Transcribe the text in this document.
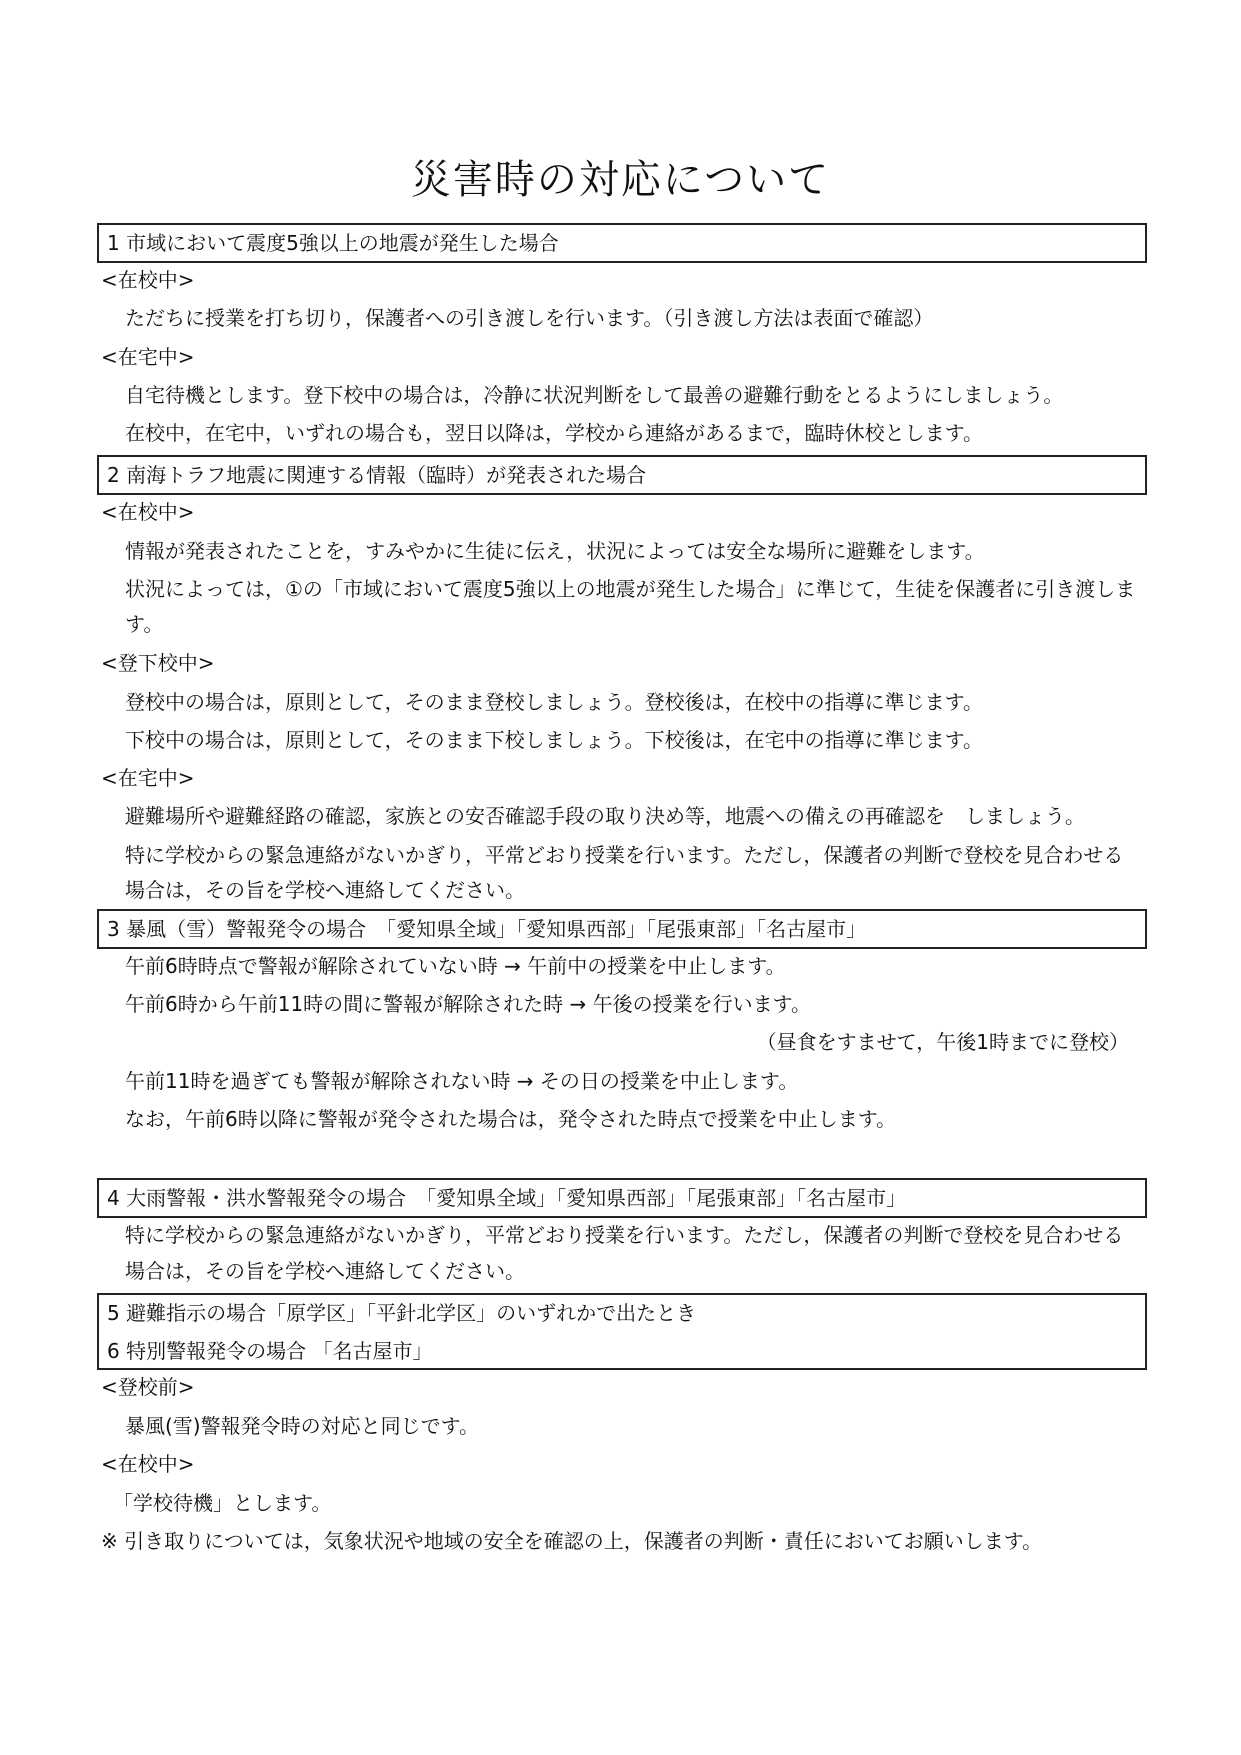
災害時の対応について
1 市域において震度5強以上の地震が発生した場合
<在校中>
ただちに授業を打ち切り，保護者への引き渡しを行います。（引き渡し方法は表面で確認）
<在宅中>
自宅待機とします。登下校中の場合は，冷静に状況判断をして最善の避難行動をとるようにしましょう。
在校中，在宅中，いずれの場合も，翌日以降は，学校から連絡があるまで，臨時休校とします。
2 南海トラフ地震に関連する情報（臨時）が発表された場合
<在校中>
情報が発表されたことを，すみやかに生徒に伝え，状況によっては安全な場所に避難をします。
状況によっては，①の「市域において震度5強以上の地震が発生した場合」に準じて，生徒を保護者に引き渡しま
す。
<登下校中>
登校中の場合は，原則として，そのまま登校しましょう。登校後は，在校中の指導に準じます。
下校中の場合は，原則として，そのまま下校しましょう。下校後は，在宅中の指導に準じます。
<在宅中>
避難場所や避難経路の確認，家族との安否確認手段の取り決め等，地震への備えの再確認を　しましょう。
特に学校からの緊急連絡がないかぎり，平常どおり授業を行います。ただし，保護者の判断で登校を見合わせる
場合は，その旨を学校へ連絡してください。
3 暴風（雪）警報発令の場合　「愛知県全域」「愛知県西部」「尾張東部」「名古屋市」
午前6時時点で警報が解除されていない時 → 午前中の授業を中止します。
午前6時から午前11時の間に警報が解除された時 → 午後の授業を行います。
（昼食をすませて，午後1時までに登校）
午前11時を過ぎても警報が解除されない時 → その日の授業を中止します。
なお，午前6時以降に警報が発令された場合は，発令された時点で授業を中止します。
4 大雨警報・洪水警報発令の場合　「愛知県全域」「愛知県西部」「尾張東部」「名古屋市」
特に学校からの緊急連絡がないかぎり，平常どおり授業を行います。ただし，保護者の判断で登校を見合わせる
場合は，その旨を学校へ連絡してください。
5 避難指示の場合「原学区」「平針北学区」のいずれかで出たとき
6 特別警報発令の場合 「名古屋市」
<登校前>
暴風(雪)警報発令時の対応と同じです。
<在校中>
「学校待機」とします。
※ 引き取りについては，気象状況や地域の安全を確認の上，保護者の判断・責任においてお願いします。
